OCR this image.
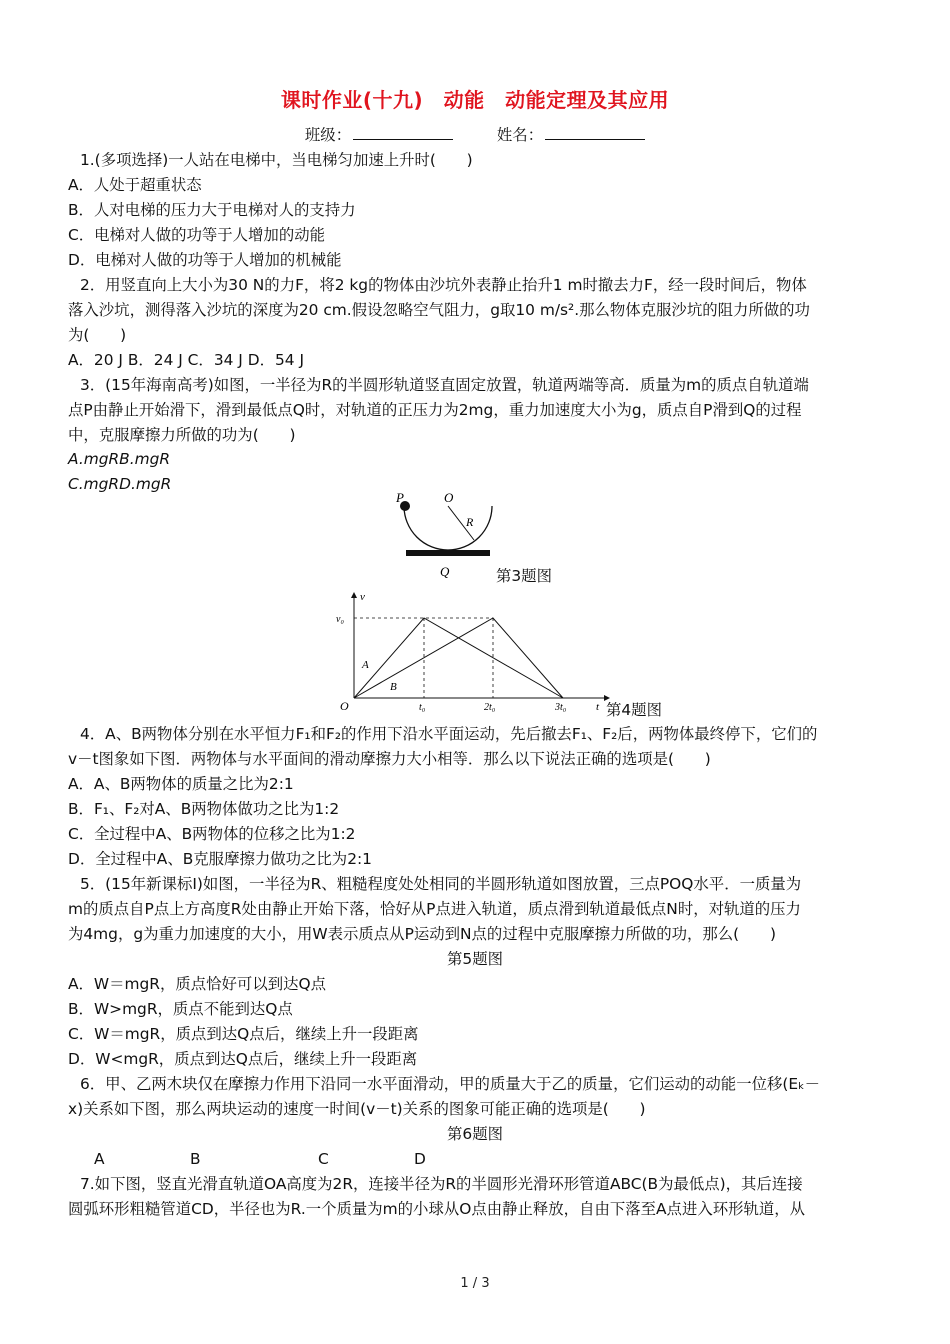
课时作业(十九)　动能　动能定理及其应用
班级：	姓名：
1.(多项选择)一人站在电梯中，当电梯匀加速上升时(　　)
A．人处于超重状态
B．人对电梯的压力大于电梯对人的支持力
C．电梯对人做的功等于人增加的动能
D．电梯对人做的功等于人增加的机械能
2．用竖直向上大小为30 N的力F，将2 kg的物体由沙坑外表静止抬升1 m时撤去力F，经一段时间后，物体
落入沙坑，测得落入沙坑的深度为20 cm.假设忽略空气阻力，g取10 m/s².那么物体克服沙坑的阻力所做的功
为(　　)
A．20 J B．24 J C．34 J D．54 J
3．(15年海南高考)如图，一半径为R的半圆形轨道竖直固定放置，轨道两端等高．质量为m的质点自轨道端
点P由静止开始滑下，滑到最低点Q时，对轨道的正压力为2mg，重力加速度大小为g，质点自P滑到Q的过程
中，克服摩擦力所做的功为(　　)
A.mgRB.mgR
C.mgRD.mgR
P	O
R
Q	第3题图
v
v₀
O	t₀	2t₀	3t₀	t
A
B
第4题图
4．A、B两物体分别在水平恒力F₁和F₂的作用下沿水平面运动，先后撤去F₁、F₂后，两物体最终停下，它们的
v－t图象如下图．两物体与水平面间的滑动摩擦力大小相等．那么以下说法正确的选项是(　　)
A．A、B两物体的质量之比为2:1
B．F₁、F₂对A、B两物体做功之比为1:2
C．全过程中A、B两物体的位移之比为1:2
D．全过程中A、B克服摩擦力做功之比为2:1
5．(15年新课标Ⅰ)如图，一半径为R、粗糙程度处处相同的半圆形轨道如图放置，三点POQ水平．一质量为
m的质点自P点上方高度R处由静止开始下落，恰好从P点进入轨道，质点滑到轨道最低点N时，对轨道的压力
为4mg，g为重力加速度的大小，用W表示质点从P运动到N点的过程中克服摩擦力所做的功，那么(　　)
第5题图
A．W＝mgR，质点恰好可以到达Q点
B．W>mgR，质点不能到达Q点
C．W＝mgR，质点到达Q点后，继续上升一段距离
D．W<mgR，质点到达Q点后，继续上升一段距离
6．甲、乙两木块仅在摩擦力作用下沿同一水平面滑动，甲的质量大于乙的质量，它们运动的动能一位移(Eₖ－
x)关系如下图，那么两块运动的速度一时间(v－t)关系的图象可能正确的选项是(　　)
第6题图
A	B	C	D
7.如下图，竖直光滑直轨道OA高度为2R，连接半径为R的半圆形光滑环形管道ABC(B为最低点)，其后连接
圆弧环形粗糙管道CD，半径也为R.一个质量为m的小球从O点由静止释放，自由下落至A点进入环形轨道，从
1 / 3
